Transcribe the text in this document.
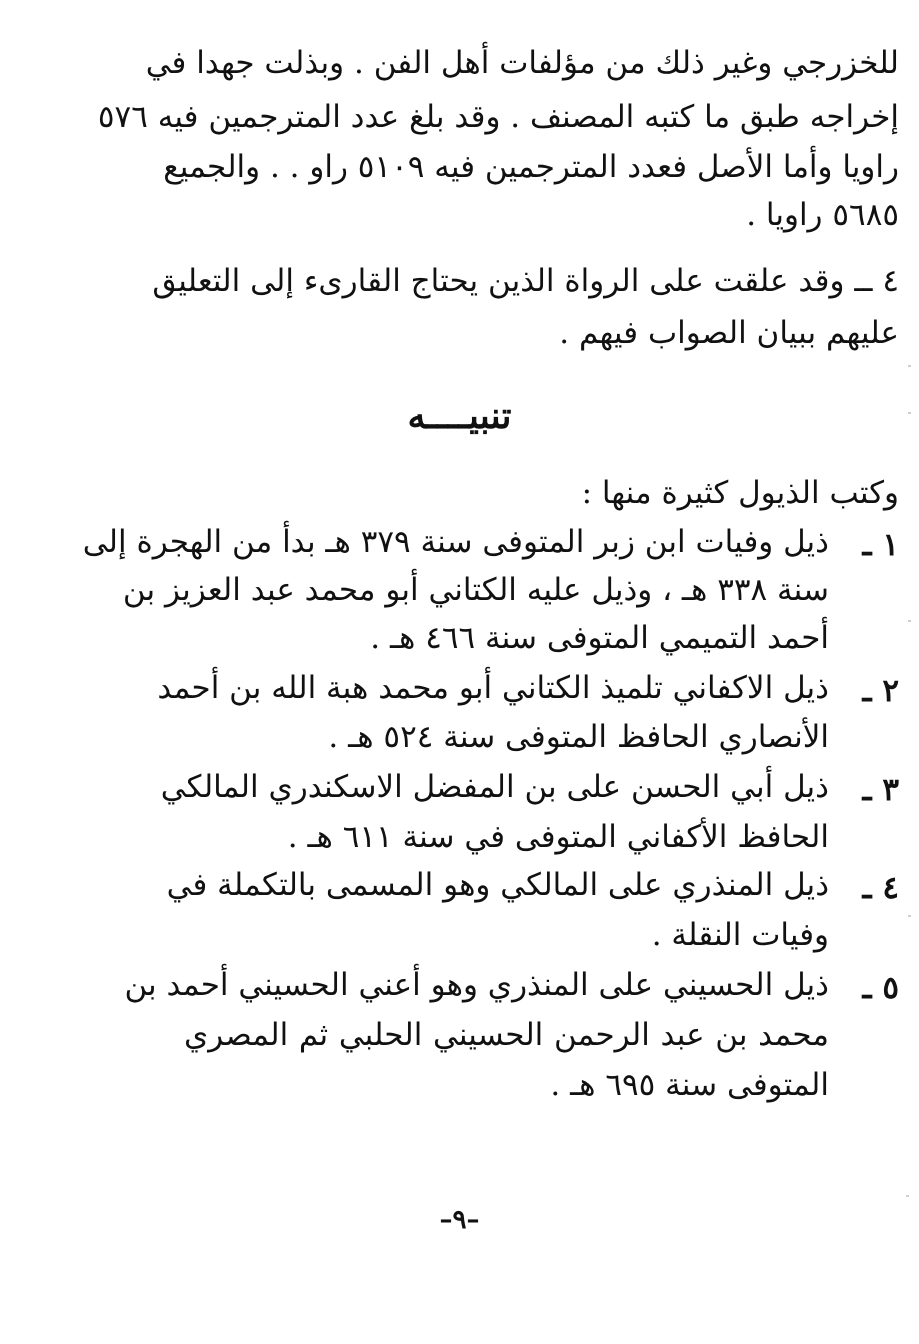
للخزرجي وغير ذلك من مؤلفات أهل الفن . وبذلت جهدا في
إخراجه طبق ما كتبه المصنف . وقد بلغ عدد المترجمين فيه ٥٧٦
راويا وأما الأصل فعدد المترجمين فيه ٥١٠٩ راو . . والجميع
٥٦٨٥ راويا .
٤ ــ وقد علقت على الرواة الذين يحتاج القارىء إلى التعليق
عليهم ببيان الصواب فيهم .
تنبيــــه
وكتب الذيول كثيرة منها :
١ ـ
ذيل وفيات ابن زبر المتوفى سنة ٣٧٩ هـ بدأ من الهجرة إلى
سنة ٣٣٨ هـ ، وذيل عليه الكتاني أبو محمد عبد العزيز بن
أحمد التميمي المتوفى سنة ٤٦٦ هـ .
٢ ـ
ذيل الاكفاني تلميذ الكتاني أبو محمد هبة الله بن أحمد
الأنصاري الحافظ المتوفى سنة ٥٢٤ هـ .
٣ ـ
ذيل أبي الحسن على بن المفضل الاسكندري المالكي
الحافظ الأكفاني المتوفى في سنة ٦١١ هـ .
٤ ـ
ذيل المنذري على المالكي وهو المسمى بالتكملة في
وفيات النقلة .
٥ ـ
ذيل الحسيني على المنذري وهو أعني الحسيني أحمد بن
محمد بن عبد الرحمن الحسيني الحلبي ثم المصري
المتوفى سنة ٦٩٥ هـ .
–٩–
